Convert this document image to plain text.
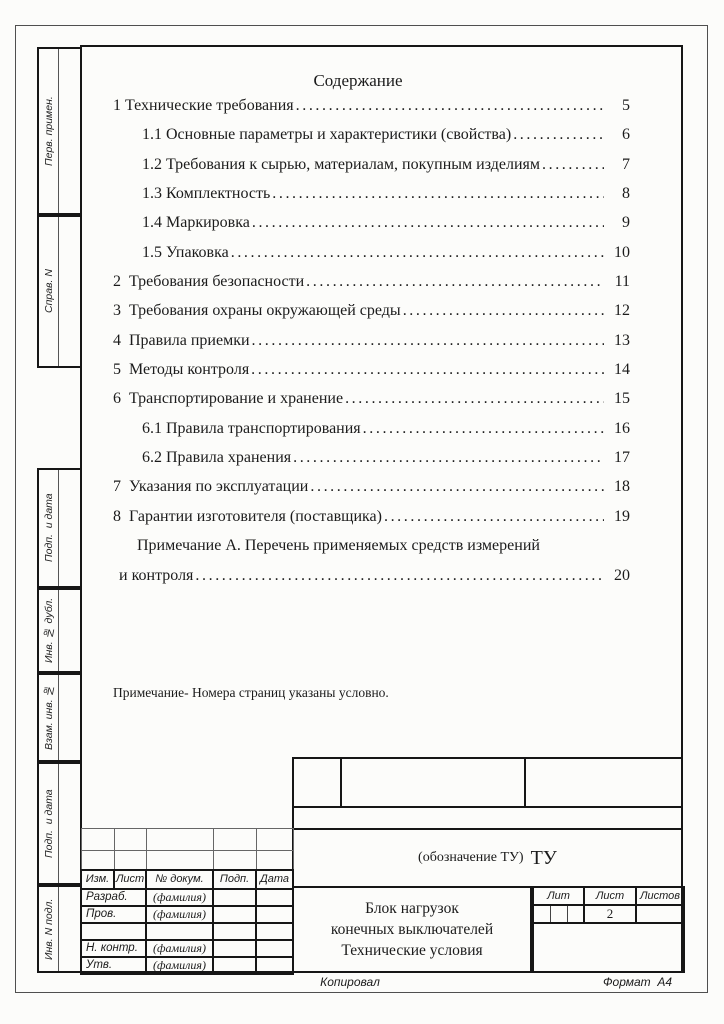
Перв. примен.
Справ. N
Подп.  и дата
Инв. № дубл.
Взам. инв. №
Подп.  и дата
Инв. N подл.
Содержание
1 Технические требования .....	5
1.1 Основные параметры и характеристики (свойства) .....	6
1.2 Требования к сырью, материалам, покупным изделиям .....	7
1.3 Комплектность .....	8
1.4 Маркировка .....	9
1.5 Упаковка .....	10
2  Требования безопасности .....	11
3  Требования охраны окружающей среды .....	12
4  Правила приемки .....	13
5  Методы контроля .....	14
6  Транспортирование и хранение .....	15
6.1 Правила транспортирования .....	16
6.2 Правила хранения .....	17
7  Указания по эксплуатации .....	18
8  Гарантии изготовителя (поставщика) .....	19
Примечание А. Перечень применяемых средств измерений
и контроля .....	20
Примечание- Номера страниц указаны условно.
(обозначение ТУ) ТУ

Изм.	Лист	№ докум.	Подп.	Дата
Разраб.		(фамилия)		
Пров.		(фамилия)		

Н. контр.		(фамилия)		
Утв.		(фамилия)		
Блок нагрузок
конечных выключателей
Технические условия
Лит			Лист	Листов
			2	

Копировал	Формат  А4
